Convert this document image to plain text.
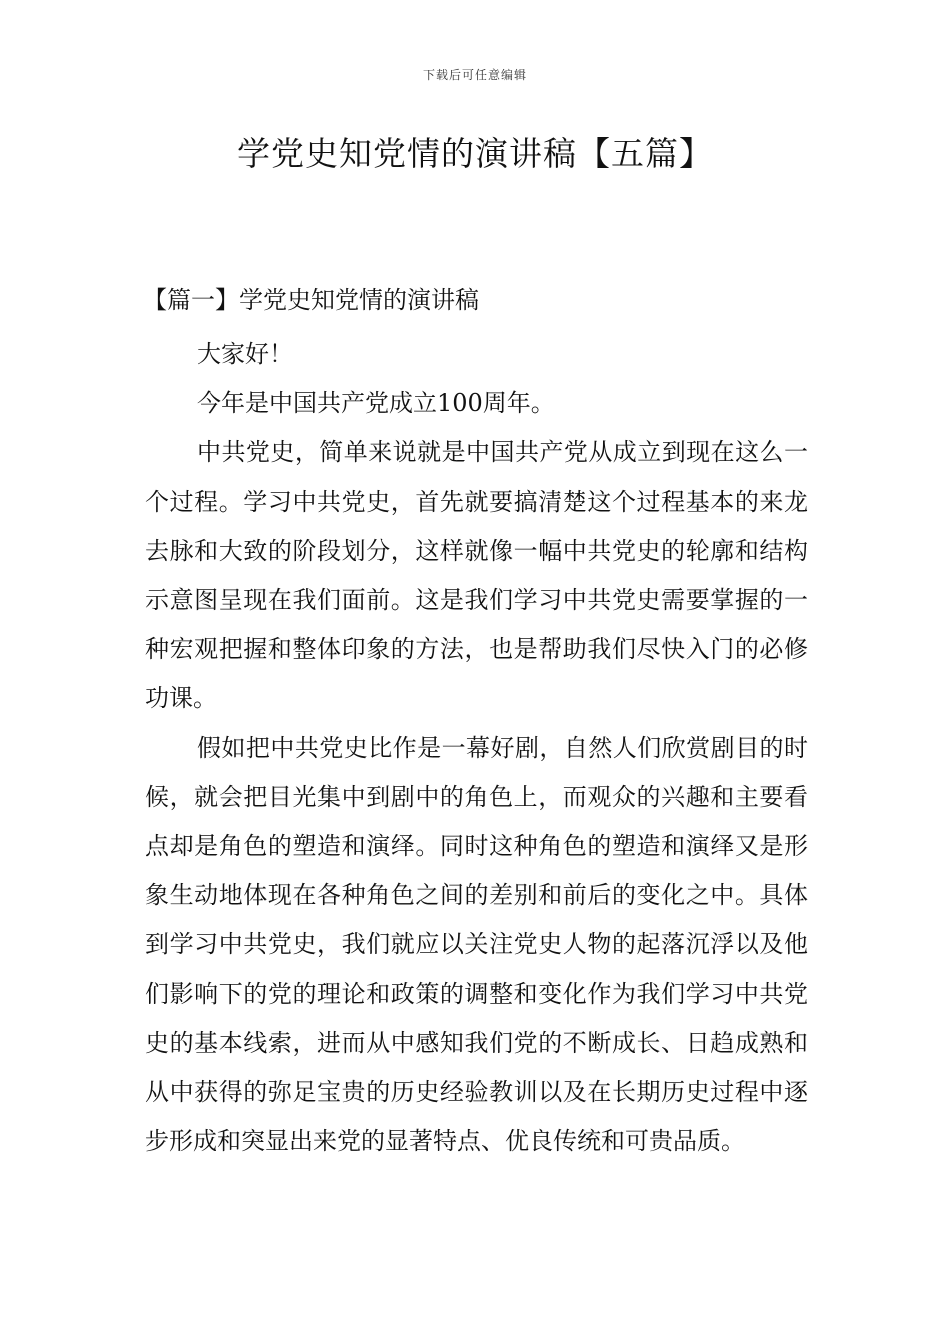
下载后可任意编辑
学党史知党情的演讲稿【五篇】
【篇一】学党史知党情的演讲稿

大家好！

今年是中国共产党成立100周年。

中共党史，简单来说就是中国共产党从成立到现在这么一个过程。学习中共党史，首先就要搞清楚这个过程基本的来龙去脉和大致的阶段划分，这样就像一幅中共党史的轮廓和结构示意图呈现在我们面前。这是我们学习中共党史需要掌握的一种宏观把握和整体印象的方法，也是帮助我们尽快入门的必修功课。

假如把中共党史比作是一幕好剧，自然人们欣赏剧目的时候，就会把目光集中到剧中的角色上，而观众的兴趣和主要看点却是角色的塑造和演绎。同时这种角色的塑造和演绎又是形象生动地体现在各种角色之间的差别和前后的变化之中。具体到学习中共党史，我们就应以关注党史人物的起落沉浮以及他们影响下的党的理论和政策的调整和变化作为我们学习中共党史的基本线索，进而从中感知我们党的不断成长、日趋成熟和从中获得的弥足宝贵的历史经验教训以及在长期历史过程中逐步形成和突显出来党的显著特点、优良传统和可贵品质。
